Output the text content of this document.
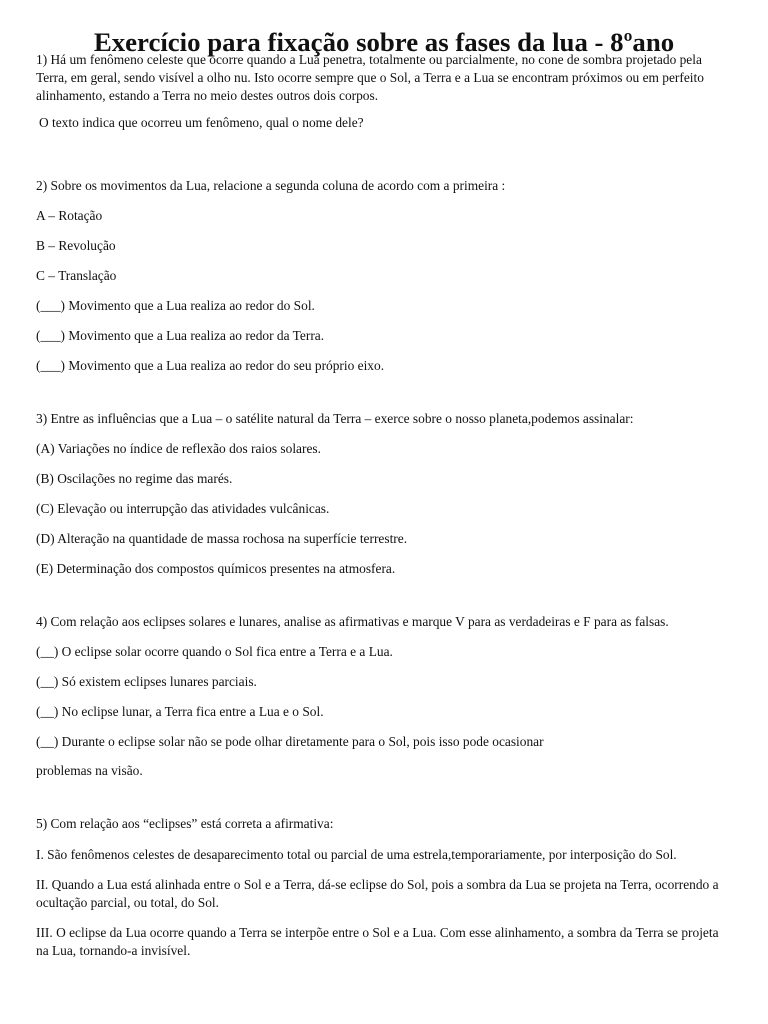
Exercício para fixação sobre as fases da lua - 8ºano

1) Há um fenômeno celeste que ocorre quando a Lua penetra, totalmente ou parcialmente, no cone de sombra projetado pela Terra, em geral, sendo visível a olho nu. Isto ocorre sempre que o Sol, a Terra e a Lua se encontram próximos ou em perfeito alinhamento, estando a Terra no meio destes outros dois corpos.

O texto indica que ocorreu um fenômeno, qual o nome dele?

2) Sobre os movimentos da Lua, relacione a segunda coluna de acordo com a primeira :

A – Rotação

B – Revolução

C – Translação

(___) Movimento que a Lua realiza ao redor do Sol.

(___) Movimento que a Lua realiza ao redor da Terra.

(___) Movimento que a Lua realiza ao redor do seu próprio eixo.

3) Entre as influências que a Lua – o satélite natural da Terra – exerce sobre o nosso planeta,podemos assinalar:

(A) Variações no índice de reflexão dos raios solares.

(B) Oscilações no regime das marés.

(C) Elevação ou interrupção das atividades vulcânicas.

(D) Alteração na quantidade de massa rochosa na superfície terrestre.

(E) Determinação dos compostos químicos presentes na atmosfera.

4) Com relação aos eclipses solares e lunares, analise as afirmativas e marque V para as verdadeiras e F para as falsas.

(__) O eclipse solar ocorre quando o Sol fica entre a Terra e a Lua.

(__) Só existem eclipses lunares parciais.

(__) No eclipse lunar, a Terra fica entre a Lua e o Sol.

(__) Durante o eclipse solar não se pode olhar diretamente para o Sol, pois isso pode ocasionar

problemas na visão.

5) Com relação aos “eclipses” está correta a afirmativa:

I. São fenômenos celestes de desaparecimento total ou parcial de uma estrela,temporariamente, por interposição do Sol.

II. Quando a Lua está alinhada entre o Sol e a Terra, dá-se eclipse do Sol, pois a sombra da Lua se projeta na Terra, ocorrendo a ocultação parcial, ou total, do Sol.

III. O eclipse da Lua ocorre quando a Terra se interpõe entre o Sol e a Lua. Com esse alinhamento, a sombra da Terra se projeta na Lua, tornando-a invisível.
